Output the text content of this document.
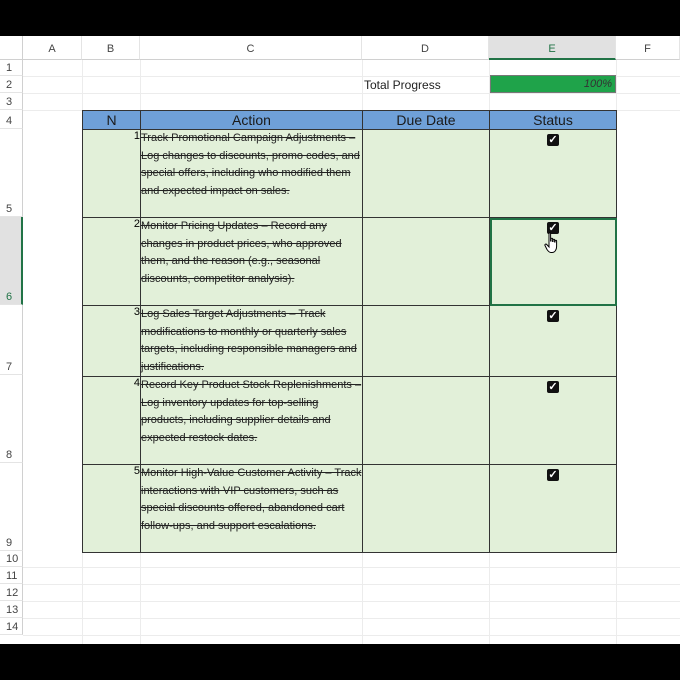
A	B	C	D	E	F
1
2
3
4
5
6
7
8
9
10
11
12
13
14
Total Progress	100%
N	Action	Due Date	Status
1	Track Promotional Campaign Adjustments – Log changes to discounts, promo codes, and special offers, including who modified them and expected impact on sales.		✓
2	Monitor Pricing Updates – Record any changes in product prices, who approved them, and the reason (e.g., seasonal discounts, competitor analysis).		✓
3	Log Sales Target Adjustments – Track modifications to monthly or quarterly sales targets, including responsible managers and justifications.		✓
4	Record Key Product Stock Replenishments – Log inventory updates for top-selling products, including supplier details and expected restock dates.		✓
5	Monitor High-Value Customer Activity – Track interactions with VIP customers, such as special discounts offered, abandoned cart follow-ups, and support escalations.		✓
